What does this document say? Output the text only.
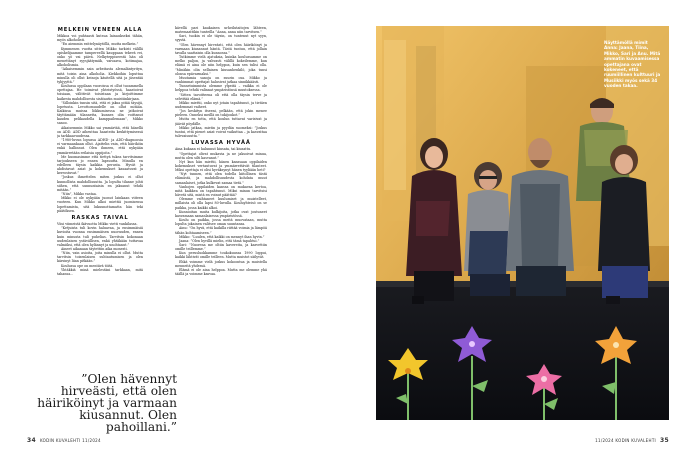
MELKEIN VENEEN ALLA

Mikkoa voi puhtaasti kutsua lainaukseksi tähän, myös alkoholisti.

”En aiemmin esittelynäytöllä, mutta melkein.”

Kymmenen vuotta sitten Mikko tarkisti välillä opiskelijaamme tampereellä kauppaan tekevä rei, onko yö vai päivä. Nelkyteppiseestä hän oli menettänyt syysjäätymäk, vaivaava, kotimajaa, alkoholismia.

”Aikaisemmin sain arbeitasta alemaläntyrityn, mitä toisin aina alkoholia. Kiekkoihin loputtua minulla oli ollut keinoja käsitellä sitä ja jäsentää tyhjyyttä.”

Koulussa oppilaan vuoroissa ei ollut tuoammella opettajaa. He toimivat yhteistyössä, haastoivat toisiaan, välittivät toisistaan ja kirjoittimme kaikesta mahdollisesta sisätautin muistiinkirjaan.

”Silloinkin tunsin sitä, että ei jaksa pitää täysijä, lopetusta. Levottomuudelle on ollut mitään. Kaikissa muissa liikkumisessa ne jatkoivat täyttämään tilannetta, kunnes olin voittanut kauden pelikaudella kamppailemaan”, Mikko sanoo.

Aikaisemmin Mikko sai ymmärtää, että hänellä on ADD. ADD aiheuttaa haasteita keskittymisessä ja tarkkaavuudessa.

”1980-luvun lopussa ADHD- ja ADD-diagnoosia ei varmaankaan ollut. Ajattelin vain, että häiriköin enkä hallinnut. Olen ihmeen, että nykyään ymmärretään erilaisia oppijoita.”

Me huomasimme että tiettyä tukea tarvitsimme tarjoukseen jo ennen lapsuutta. Minulla en edelleen täysin kaikkia perusta. Hyvät ja ahdistavat asiat ja kokemukset kasaatuvat ja kerrostuvat.”

”Joskus ihmettelen miten joskus ei ollut kunnollista mahdollisuutta. Ja lopulta tilanne johti siihen, että sunnuntaisin en jaksanut tehdä mitään.”

”Niin”, Mikko vastaa.

Mikko ei ole nykyään juonut lainkaan viiteen vuoteen. Kun Mikko alkoi miettiä juomisensa lopettamista, sitä lukuunottamatta hän teki päätöksen.

RASKAS TAIVAL

Viisi viimeistä ikävuotta Mikko vietti vankilassa.

”Ketjuista tuli kovin haluavaa, ja ensimmäisiä kuvioita vuonna ensimmäisen nuoruuden, ennen kuin minusta tuli puhelias. Tarvitsin kokonaan uudenlaisen ystävällisen, enkä yhtäkään tuttavaa valmiiksi, että olen hylännyt ja unohtanut.”

Aineet aikanaan täytettiin aika monesti.

”Niin, vain asioita, joita minulla ei ollut. Mutta tarvitsin toisenlaisen suhtautumisen ja olen kärsinyt liian pitkään.”

Koulussa ope on mentävä töitä.

Yhtäkkiä minä mielestäni tarkkaan, mitä tahansa...

”Olen hävennyt hirveästi, että olen häiriköinyt ja varmaan kiusannut. Olen pahoillani.”

kävellä pari kaukaisen urheilutaitojen lähteen, matemaattikin tunteilla ”Anna, anna niin tarvitsen.”

Sari, tuokin ei ole täysin, on tuntenut nyt syyn, syystä.

”Olen hävennyt hirveästi, että olen häiriköinyt ja varmaan kiusannut häntä. Tästä tuntuu, että jollain tavalla saattaisin olla kunnossa.”

Tutkimme vielä ajatuksia, kuinka koulussamme on melko paljon, ja vahvasti välillä kokeilemme, kun elämä ei aina ole niin helppoa, kuin sen tulisi olla. ”Minäkin olin sellainen kiusanhenkilö, joka tunsi olonsa epävarmaksi.”

Muutamia sanoja on suurin osa. Mikko ja vanhimmat opettajat halusivat jatkaa sinnikkäästi.

Tunnetuimmista olemme ylpeitä – vaikka ei ole helppoa tehdä valinnat ympäristönsä muutoksessa.

”Sitten tavoitteena oli että olla täysin terve ja selvittää elämä.”

Mikko miettii, onko nyt jotain tapahtunut, ja tietäen uudemmat vaiheet.

”Jos keskityn itseeni, pelkään, että jokin menee pieleen. Onneksi meillä on tukijoukot.”

Mutta en totta, että koulun tuttavat varisivat ja jäävät pöydälle.

Mikko jatkaa, mietin ja pyydän suomeksi: ”Joskus tuntui, että pienet asiat voivat vaikuttaa – ja kasvattaa tulevaisuutta.”

LUVASSA HYVÄÄ

Aina kukaan ei halunnut kiusata, tai kiusattu.

”Opettajat olivat mukavia ja ne jaksoivat minua, mutta olen silti kasvanut.”

Nyt kun hän miettii, hänen kanssaan oppilaiden kokemukset vertautuvat ja ymmärrettävät tilanteet. Miksi opettaja ei olisi hyväksynyt hänen tyyliään heti?

”Nyt tunnen, että olen todella kiitollinen tästä elämästä, ja mahdollisuudesta kohdata muut samanlaiset, jotka kulkevat samaa tietä.”

Vanhojen oppilaiden kanssa on mukavaa kertoa, mitä kaikkea on tapahtunut. Miksi minun tarvitsisi hävetä sitä, mistä en voinut päättää?

Olemme vaihtaneet kuulumiset ja muistelleet, millaista oli olla lapsi 80-luvulla. Kouluyhteisö on se paikka, jossa kaikki alkoi.

Kunnioitan muita kulkijoita, jotka ovat joutuneet kasvamaan samanlaisessa ympäristössä.

Koulu on paikka, jossa meitä muovataan, mutta lopulta jokainen valitsee oman suuntansa.

Ainu: ”On hyvä, että kaikilla riittää voimia ja lämpöä tähän kohtaamiseen.”

Mikko: ”Luulen, että kaikki on mennyt ihan hyvin.”

Jaana: ”Olen hyvillä mielin, että tämä tapahtui.”

Sari: ”Nuorena me oltiin kavereita, ja kasvettiin omille teillemme.”

Kun perusluokkamme toukokuussa 1990 loppui, kaikki lähtivät omille teilleen. Mutta muistot säilyvät.

Ehkä voimme vielä joskus kokoontua ja muistella menneitä yhdessä.

Elämä ei ole aina helppoa. Mutta me olemme yhä täällä ja voimme kasvaa.

34 KODIN KUVALEHTI 11/2024
Näyttämöllä mimit Anna: Jaana, Tiina, Mikko, Sari ja Anu. Mitä ammatin kuvaamisessa opettajana ovat kokeneet, että ruumiillinen kulttuuri ja Musiikki myös sekä 34 vuoden takaa.
11/2024 KODIN KUVALEHTI 35
